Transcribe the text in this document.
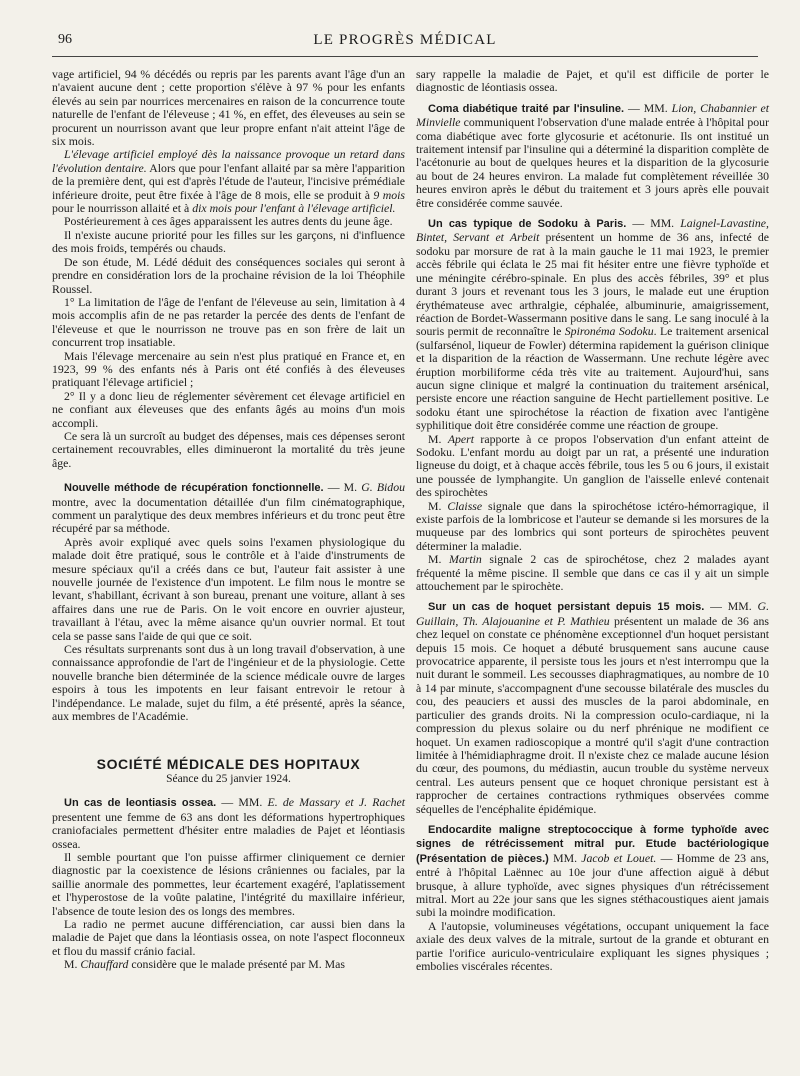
96	LE PROGRÈS MÉDICAL

vage artificiel, 94 % décédés ou repris par les parents avant l'âge d'un an n'avaient aucune dent ; cette proportion s'élève à 97 % pour les enfants élevés au sein par nourrices mercenaires en raison de la concurrence toute naturelle de l'enfant de l'éleveuse ; 41 %, en effet, des éleveuses au sein se procurent un nourrisson avant que leur propre enfant n'ait atteint l'âge de six mois.

L'élevage artificiel employé dès la naissance provoque un retard dans l'évolution dentaire. Alors que pour l'enfant allaité par sa mère l'apparition de la première dent, qui est d'après l'étude de l'auteur, l'incisive prémédiale inférieure droite, peut être fixée à l'âge de 8 mois, elle se produit à 9 mois pour le nourrisson allaité et à dix mois pour l'enfant à l'élevage artificiel.

Postérieurement à ces âges apparaissent les autres dents du jeune âge.

Il n'existe aucune priorité pour les filles sur les garçons, ni d'influence des mois froids, tempérés ou chauds.

De son étude, M. Lédé déduit des conséquences sociales qui seront à prendre en considération lors de la prochaine révision de la loi Théophile Roussel.

1° La limitation de l'âge de l'enfant de l'éleveuse au sein, limitation à 4 mois accomplis afin de ne pas retarder la percée des dents de l'enfant de l'éleveuse et que le nourrisson ne trouve pas en son frère de lait un concurrent trop insatiable.

Mais l'élevage mercenaire au sein n'est plus pratiqué en France et, en 1923, 99 % des enfants nés à Paris ont été confiés à des éleveuses pratiquant l'élevage artificiel ;

2° Il y a donc lieu de réglementer sévèrement cet élevage artificiel en ne confiant aux éleveuses que des enfants âgés au moins d'un mois accompli.

Ce sera là un surcroît au budget des dépenses, mais ces dépenses seront certainement recouvrables, elles diminueront la mortalité du très jeune âge.

Nouvelle méthode de récupération fonctionnelle. — M. G. Bidou montre, avec la documentation détaillée d'un film cinématographique, comment un paralytique des deux membres inférieurs et du tronc peut être récupéré par sa méthode.

Après avoir expliqué avec quels soins l'examen physiologique du malade doit être pratiqué, sous le contrôle et à l'aide d'instruments de mesure spéciaux qu'il a créés dans ce but, l'auteur fait assister à une nouvelle journée de l'existence d'un impotent. Le film nous le montre se levant, s'habillant, écrivant à son bureau, prenant une voiture, allant à ses affaires dans une rue de Paris. On le voit encore en ouvrier ajusteur, travaillant à l'étau, avec la même aisance qu'un ouvrier normal. Et tout cela se passe sans l'aide de qui que ce soit.

Ces résultats surprenants sont dus à un long travail d'observation, à une connaissance approfondie de l'art de l'ingénieur et de la physiologie. Cette nouvelle branche bien déterminée de la science médicale ouvre de larges espoirs à tous les impotents en leur faisant entrevoir le retour à l'indépendance. Le malade, sujet du film, a été présenté, après la séance, aux membres de l'Académie.

SOCIÉTÉ MÉDICALE DES HOPITAUX
Séance du 25 janvier 1924.

Un cas de leontiasis ossea. — MM. E. de Massary et J. Rachet presentent une femme de 63 ans dont les déformations hypertrophiques craniofaciales permettent d'hésiter entre maladies de Pajet et léontiasis ossea.

Il semble pourtant que l'on puisse affirmer cliniquement ce dernier diagnostic par la coexistence de lésions crâniennes ou faciales, par la saillie anormale des pommettes, leur écartement exagéré, l'aplatissement et l'hyperostose de la voûte palatine, l'intégrité du maxillaire inférieur, l'absence de toute lesion des os longs des membres.

La radio ne permet aucune différenciation, car aussi bien dans la maladie de Pajet que dans la léontiasis ossea, on note l'aspect floconneux et flou du massif cránio facial.

M. Chauffard considère que le malade présenté par M. Mas

sary rappelle la maladie de Pajet, et qu'il est difficile de porter le diagnostic de léontiasis ossea.

Coma diabétique traité par l'insuline. — MM. Lion, Chabannier et Minvielle communiquent l'observation d'une malade entrée à l'hôpital pour coma diabétique avec forte glycosurie et acétonurie. Ils ont institué un traitement intensif par l'insuline qui a déterminé la disparition complète de l'acétonurie au bout de quelques heures et la disparition de la glycosurie au bout de 24 heures environ. La malade fut complètement réveillée 30 heures environ après le début du traitement et 3 jours après elle pouvait être considérée comme sauvée.

Un cas typique de Sodoku à Paris. — MM. Laignel-Lavastine, Bintet, Servant et Arbeit présentent un homme de 36 ans, infecté de sodoku par morsure de rat à la main gauche le 11 mai 1923, le premier accès fébrile qui éclata le 25 mai fit hésiter entre une fièvre typhoïde et une méningite cérébro-spinale. En plus des accès fébriles, 39° et plus durant 3 jours et revenant tous les 3 jours, le malade eut une éruption érythémateuse avec arthralgie, céphalée, albuminurie, amaigrissement, réaction de Bordet-Wassermann positive dans le sang. Le sang inoculé à la souris permit de reconnaître le Spironéma Sodoku. Le traitement arsenical (sulfarsénol, liqueur de Fowler) détermina rapidement la guérison clinique et la disparition de la réaction de Wassermann. Une rechute légère avec éruption morbiliforme céda très vite au traitement. Aujourd'hui, sans aucun signe clinique et malgré la continuation du traitement arsénical, persiste encore une réaction sanguine de Hecht partiellement positive. Le sodoku étant une spirochétose la réaction de fixation avec l'antigène syphilitique doit être considérée comme une réaction de groupe.

M. Apert rapporte à ce propos l'observation d'un enfant atteint de Sodoku. L'enfant mordu au doigt par un rat, a présenté une induration ligneuse du doigt, et à chaque accès fébrile, tous les 5 ou 6 jours, il existait une poussée de lymphangite. Un ganglion de l'aisselle enlevé contenait des spirochètes

M. Claisse signale que dans la spirochétose ictéro-hémorragique, il existe parfois de la lombricose et l'auteur se demande si les morsures de la muqueuse par des lombrics qui sont porteurs de spirochètes peuvent déterminer la maladie.

M. Martin signale 2 cas de spirochétose, chez 2 malades ayant fréquenté la même piscine. Il semble que dans ce cas il y ait un simple attouchement par le spirochète.

Sur un cas de hoquet persistant depuis 15 mois. — MM. G. Guillain, Th. Alajouanine et P. Mathieu présentent un malade de 36 ans chez lequel on constate ce phénomène exceptionnel d'un hoquet persistant depuis 15 mois. Ce hoquet a débuté brusquement sans aucune cause provocatrice apparente, il persiste tous les jours et n'est interrompu que la nuit durant le sommeil. Les secousses diaphragmatiques, au nombre de 10 à 14 par minute, s'accompagnent d'une secousse bilatérale des muscles du cou, des peauciers et aussi des muscles de la paroi abdominale, en particulier des grands droits. Ni la compression oculo-cardiaque, ni la compression du plexus solaire ou du nerf phrénique ne modifient ce hoquet. Un examen radioscopique a montré qu'il s'agit d'une contraction limitée à l'hémidiaphragme droit. Il n'existe chez ce malade aucune lésion du cœur, des poumons, du médiastin, aucun trouble du système nerveux central. Les auteurs pensent que ce hoquet chronique persistant est à rapprocher de certaines contractions rythmiques observées comme séquelles de l'encéphalite épidémique.

Endocardite maligne streptococcique à forme typhoïde avec signes de rétrécissement mitral pur. Etude bactériologique (Présentation de pièces.) MM. Jacob et Louet. — Homme de 23 ans, entré à l'hôpital Laënnec au 10e jour d'une affection aiguë à début brusque, à allure typhoïde, avec signes physiques d'un rétrécissement mitral. Mort au 22e jour sans que les signes stéthacoustiques aient jamais subi la moindre modification.

A l'autopsie, volumineuses végétations, occupant uniquement la face axiale des deux valves de la mitrale, surtout de la grande et obturant en partie l'orifice auriculo-ventriculaire expliquant les signes physiques ; embolies viscérales récentes.
